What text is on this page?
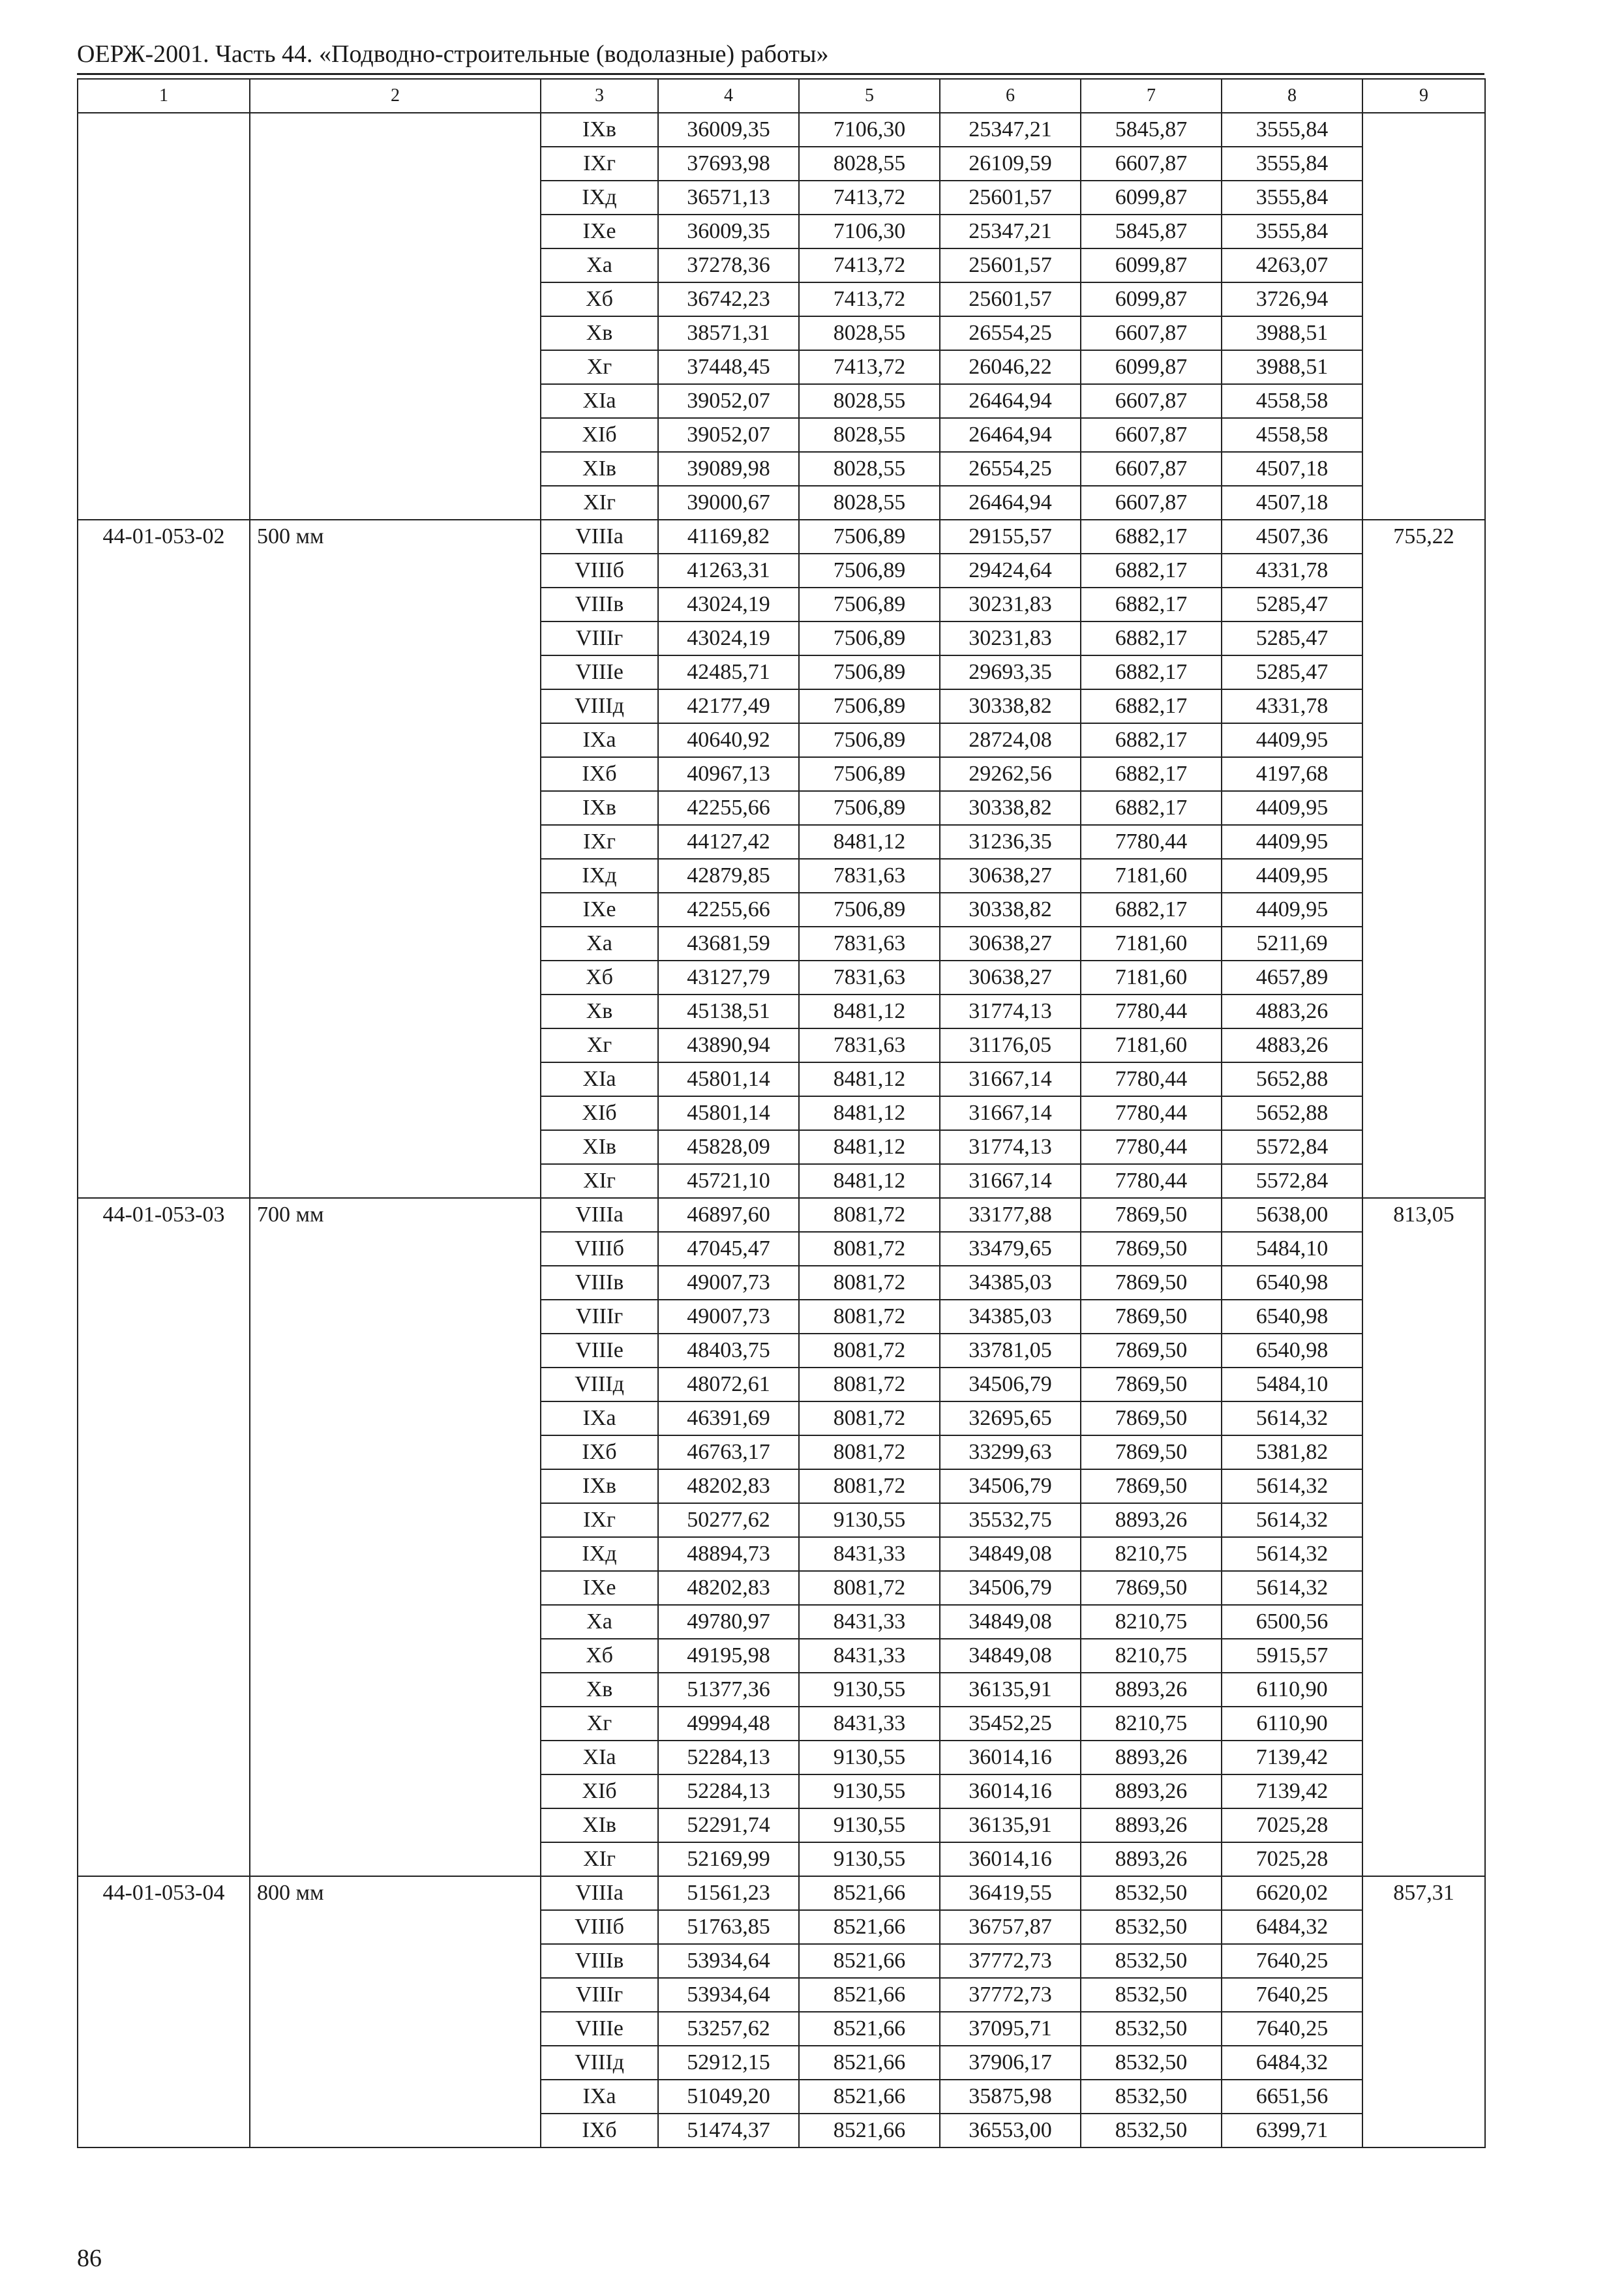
ОЕРЖ-2001. Часть 44. «Подводно-строительные (водолазные) работы»
1	2	3	4	5	6	7	8	9
		IXв	36009,35	7106,30	25347,21	5845,87	3555,84	
		IXг	37693,98	8028,55	26109,59	6607,87	3555,84	
		IXд	36571,13	7413,72	25601,57	6099,87	3555,84	
		IXе	36009,35	7106,30	25347,21	5845,87	3555,84	
		Xа	37278,36	7413,72	25601,57	6099,87	4263,07	
		Xб	36742,23	7413,72	25601,57	6099,87	3726,94	
		Xв	38571,31	8028,55	26554,25	6607,87	3988,51	
		Xг	37448,45	7413,72	26046,22	6099,87	3988,51	
		XIа	39052,07	8028,55	26464,94	6607,87	4558,58	
		XIб	39052,07	8028,55	26464,94	6607,87	4558,58	
		XIв	39089,98	8028,55	26554,25	6607,87	4507,18	
		XIг	39000,67	8028,55	26464,94	6607,87	4507,18	
44-01-053-02	500 мм	VIIIа	41169,82	7506,89	29155,57	6882,17	4507,36	755,22
		VIIIб	41263,31	7506,89	29424,64	6882,17	4331,78	
		VIIIв	43024,19	7506,89	30231,83	6882,17	5285,47	
		VIIIг	43024,19	7506,89	30231,83	6882,17	5285,47	
		VIIIе	42485,71	7506,89	29693,35	6882,17	5285,47	
		VIIIд	42177,49	7506,89	30338,82	6882,17	4331,78	
		IXа	40640,92	7506,89	28724,08	6882,17	4409,95	
		IXб	40967,13	7506,89	29262,56	6882,17	4197,68	
		IXв	42255,66	7506,89	30338,82	6882,17	4409,95	
		IXг	44127,42	8481,12	31236,35	7780,44	4409,95	
		IXд	42879,85	7831,63	30638,27	7181,60	4409,95	
		IXе	42255,66	7506,89	30338,82	6882,17	4409,95	
		Xа	43681,59	7831,63	30638,27	7181,60	5211,69	
		Xб	43127,79	7831,63	30638,27	7181,60	4657,89	
		Xв	45138,51	8481,12	31774,13	7780,44	4883,26	
		Xг	43890,94	7831,63	31176,05	7181,60	4883,26	
		XIа	45801,14	8481,12	31667,14	7780,44	5652,88	
		XIб	45801,14	8481,12	31667,14	7780,44	5652,88	
		XIв	45828,09	8481,12	31774,13	7780,44	5572,84	
		XIг	45721,10	8481,12	31667,14	7780,44	5572,84	
44-01-053-03	700 мм	VIIIа	46897,60	8081,72	33177,88	7869,50	5638,00	813,05
		VIIIб	47045,47	8081,72	33479,65	7869,50	5484,10	
		VIIIв	49007,73	8081,72	34385,03	7869,50	6540,98	
		VIIIг	49007,73	8081,72	34385,03	7869,50	6540,98	
		VIIIе	48403,75	8081,72	33781,05	7869,50	6540,98	
		VIIIд	48072,61	8081,72	34506,79	7869,50	5484,10	
		IXа	46391,69	8081,72	32695,65	7869,50	5614,32	
		IXб	46763,17	8081,72	33299,63	7869,50	5381,82	
		IXв	48202,83	8081,72	34506,79	7869,50	5614,32	
		IXг	50277,62	9130,55	35532,75	8893,26	5614,32	
		IXд	48894,73	8431,33	34849,08	8210,75	5614,32	
		IXе	48202,83	8081,72	34506,79	7869,50	5614,32	
		Xа	49780,97	8431,33	34849,08	8210,75	6500,56	
		Xб	49195,98	8431,33	34849,08	8210,75	5915,57	
		Xв	51377,36	9130,55	36135,91	8893,26	6110,90	
		Xг	49994,48	8431,33	35452,25	8210,75	6110,90	
		XIа	52284,13	9130,55	36014,16	8893,26	7139,42	
		XIб	52284,13	9130,55	36014,16	8893,26	7139,42	
		XIв	52291,74	9130,55	36135,91	8893,26	7025,28	
		XIг	52169,99	9130,55	36014,16	8893,26	7025,28	
44-01-053-04	800 мм	VIIIа	51561,23	8521,66	36419,55	8532,50	6620,02	857,31
		VIIIб	51763,85	8521,66	36757,87	8532,50	6484,32	
		VIIIв	53934,64	8521,66	37772,73	8532,50	7640,25	
		VIIIг	53934,64	8521,66	37772,73	8532,50	7640,25	
		VIIIе	53257,62	8521,66	37095,71	8532,50	7640,25	
		VIIIд	52912,15	8521,66	37906,17	8532,50	6484,32	
		IXа	51049,20	8521,66	35875,98	8532,50	6651,56	
		IXб	51474,37	8521,66	36553,00	8532,50	6399,71	
86
